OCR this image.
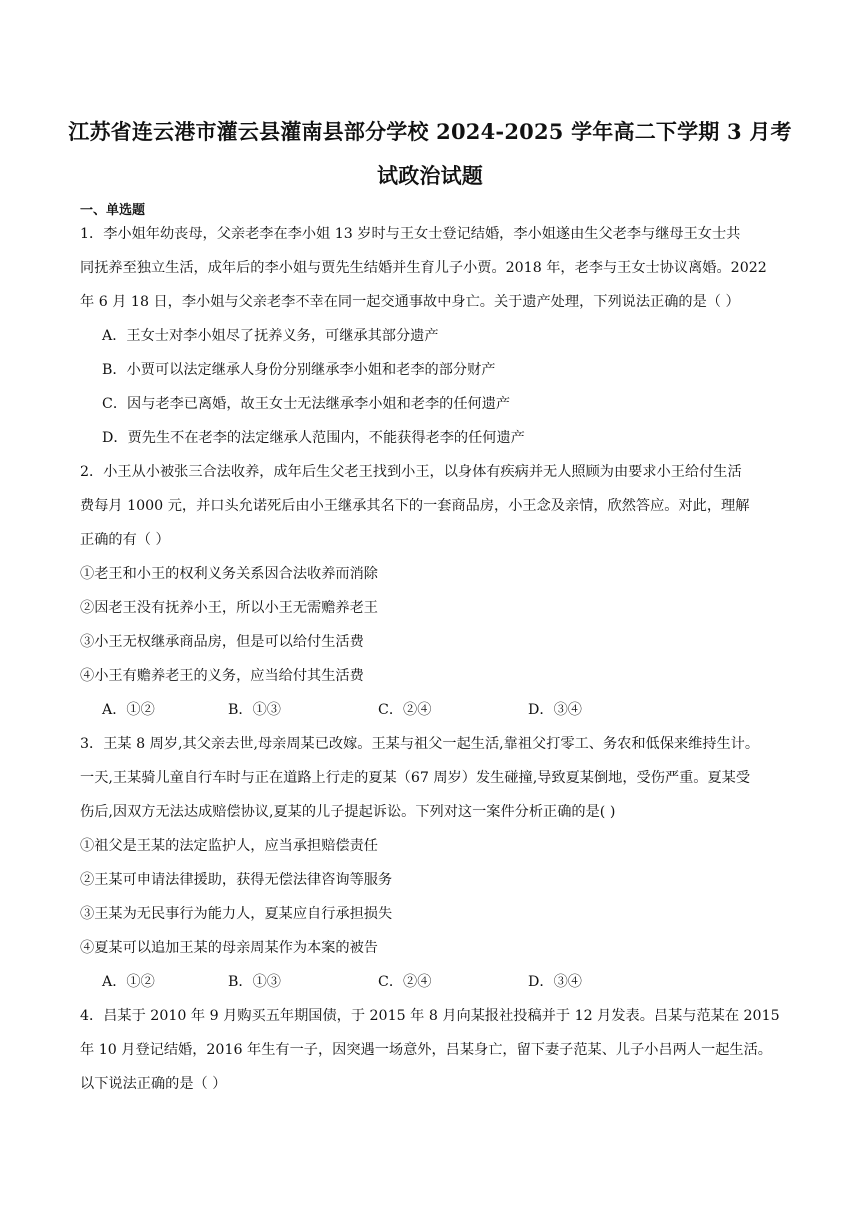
江苏省连云港市灌云县灌南县部分学校 2024-2025 学年高二下学期 3 月考
试政治试题
一、单选题
1．李小姐年幼丧母，父亲老李在李小姐 13 岁时与王女士登记结婚，李小姐遂由生父老李与继母王女士共
同抚养至独立生活，成年后的李小姐与贾先生结婚并生育儿子小贾。2018 年，老李与王女士协议离婚。2022
年 6 月 18 日，李小姐与父亲老李不幸在同一起交通事故中身亡。关于遗产处理，下列说法正确的是（ ）
A．王女士对李小姐尽了抚养义务，可继承其部分遗产
B．小贾可以法定继承人身份分别继承李小姐和老李的部分财产
C．因与老李已离婚，故王女士无法继承李小姐和老李的任何遗产
D．贾先生不在老李的法定继承人范围内，不能获得老李的任何遗产
2．小王从小被张三合法收养，成年后生父老王找到小王，以身体有疾病并无人照顾为由要求小王给付生活
费每月 1000 元，并口头允诺死后由小王继承其名下的一套商品房，小王念及亲情，欣然答应。对此，理解
正确的有（ ）
①老王和小王的权利义务关系因合法收养而消除
②因老王没有抚养小王，所以小王无需赡养老王
③小王无权继承商品房，但是可以给付生活费
④小王有赡养老王的义务，应当给付其生活费
A．①②	B．①③	C．②④	D．③④
3．王某 8 周岁,其父亲去世,母亲周某已改嫁。王某与祖父一起生活,靠祖父打零工、务农和低保来维持生计。
一天,王某骑儿童自行车时与正在道路上行走的夏某（67 周岁）发生碰撞,导致夏某倒地，受伤严重。夏某受
伤后,因双方无法达成赔偿协议,夏某的儿子提起诉讼。下列对这一案件分析正确的是( )
①祖父是王某的法定监护人，应当承担赔偿责任
②王某可申请法律援助，获得无偿法律咨询等服务
③王某为无民事行为能力人，夏某应自行承担损失
④夏某可以追加王某的母亲周某作为本案的被告
A．①②	B．①③	C．②④	D．③④
4．吕某于 2010 年 9 月购买五年期国债，于 2015 年 8 月向某报社投稿并于 12 月发表。吕某与范某在 2015
年 10 月登记结婚，2016 年生有一子，因突遇一场意外，吕某身亡，留下妻子范某、儿子小吕两人一起生活。
以下说法正确的是（ ）
